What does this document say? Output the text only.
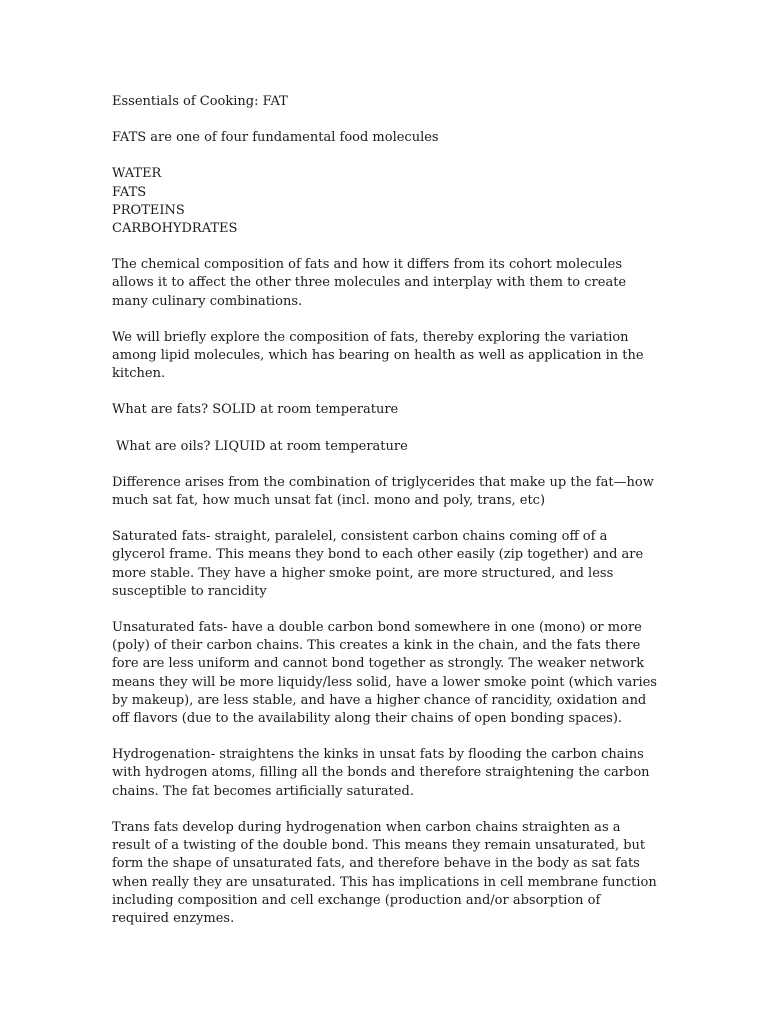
Essentials of Cooking: FAT

FATS are one of four fundamental food molecules

WATER
FATS
PROTEINS
CARBOHYDRATES

The chemical composition of fats and how it differs from its cohort molecules allows it to affect the other three molecules and interplay with them to create many culinary combinations.

We will briefly explore the composition of fats, thereby exploring the variation among lipid molecules, which has bearing on health as well as application in the kitchen.

What are fats? SOLID at room temperature

What are oils? LIQUID at room temperature

Difference arises from the combination of triglycerides that make up the fat—how much sat fat, how much unsat fat (incl. mono and poly, trans, etc)

Saturated fats- straight, paralelel, consistent carbon chains coming off of a glycerol frame. This means they bond to each other easily (zip together) and are more stable. They have a higher smoke point, are more structured, and less susceptible to rancidity

Unsaturated fats- have a double carbon bond somewhere in one (mono) or more (poly) of their carbon chains. This creates a kink in the chain, and the fats there fore are less uniform and cannot bond together as strongly. The weaker network means they will be more liquidy/less solid, have a lower smoke point (which varies by makeup), are less stable, and have a higher chance of rancidity, oxidation and off flavors (due to the availability along their chains of open bonding spaces).

Hydrogenation- straightens the kinks in unsat fats by flooding the carbon chains with hydrogen atoms, filling all the bonds and therefore straightening the carbon chains. The fat becomes artificially saturated.

Trans fats develop during hydrogenation when carbon chains straighten as a result of a twisting of the double bond. This means they remain unsaturated, but form the shape of unsaturated fats, and therefore behave in the body as sat fats when really they are unsaturated. This has implications in cell membrane function including composition and cell exchange (production and/or absorption of required enzymes.
